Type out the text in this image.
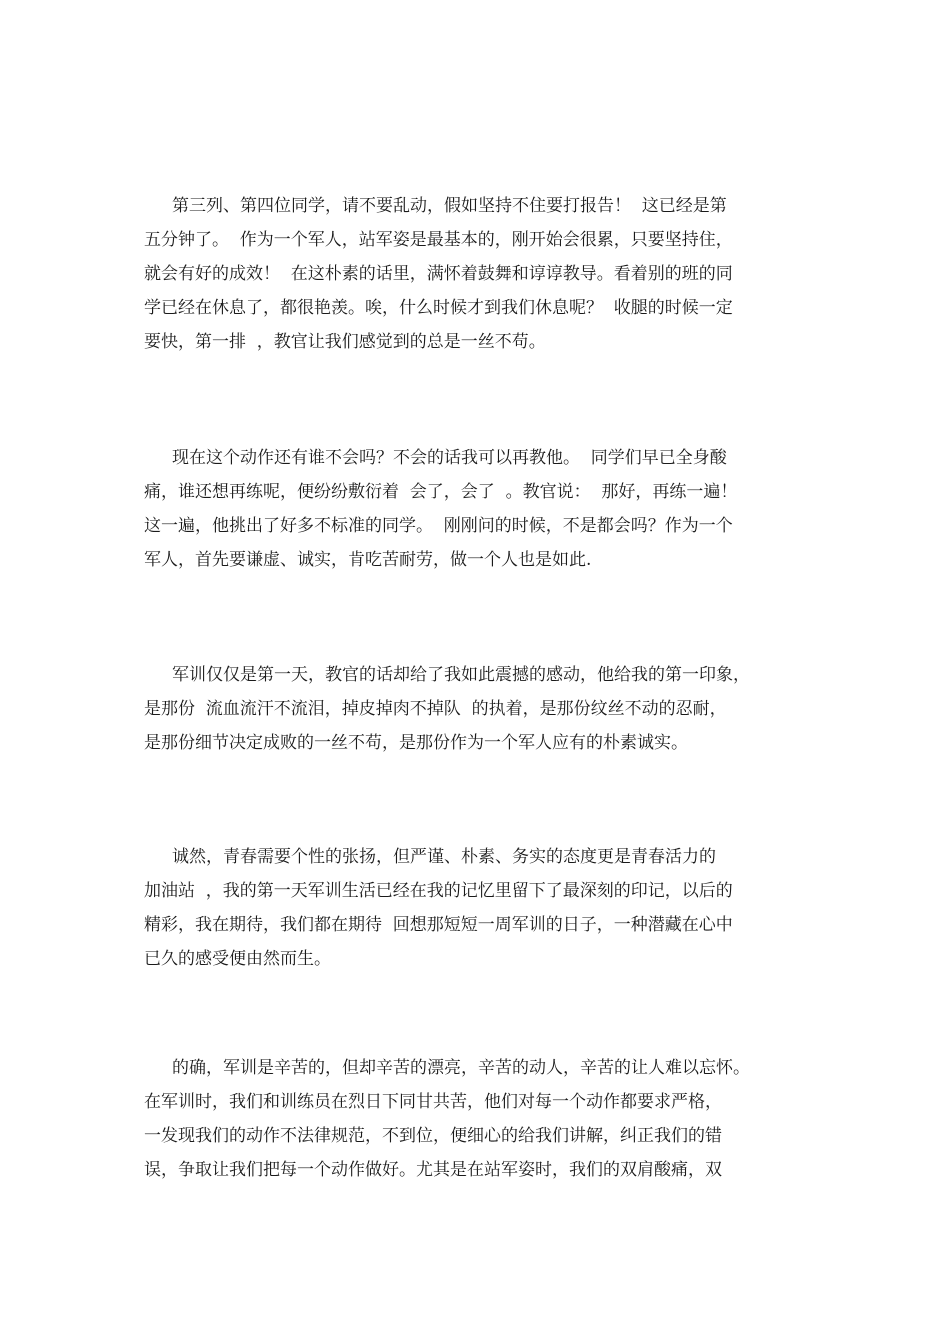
第三列、第四位同学，请不要乱动，假如坚持不住要打报告！  这已经是第
五分钟了。  作为一个军人，站军姿是最基本的，刚开始会很累，只要坚持住，
就会有好的成效！  在这朴素的话里，满怀着鼓舞和谆谆教导。看着别的班的同
学已经在休息了，都很艳羡。唉，什么时候才到我们休息呢？  收腿的时候一定
要快，第一排  ，教官让我们感觉到的总是一丝不苟。
现在这个动作还有谁不会吗？不会的话我可以再教他。  同学们早已全身酸
痛，谁还想再练呢，便纷纷敷衍着  会了，会了  。教官说：  那好，再练一遍！
这一遍，他挑出了好多不标准的同学。  刚刚问的时候，不是都会吗？作为一个
军人，首先要谦虚、诚实，肯吃苦耐劳，做一个人也是如此.
军训仅仅是第一天，教官的话却给了我如此震撼的感动，他给我的第一印象，
是那份  流血流汗不流泪，掉皮掉肉不掉队  的执着，是那份纹丝不动的忍耐，
是那份细节决定成败的一丝不苟，是那份作为一个军人应有的朴素诚实。
诚然，青春需要个性的张扬，但严谨、朴素、务实的态度更是青春活力的
加油站  ，我的第一天军训生活已经在我的记忆里留下了最深刻的印记，以后的
精彩，我在期待，我们都在期待  回想那短短一周军训的日子，一种潜藏在心中
已久的感受便由然而生。
的确，军训是辛苦的，但却辛苦的漂亮，辛苦的动人，辛苦的让人难以忘怀。
在军训时，我们和训练员在烈日下同甘共苦，他们对每一个动作都要求严格，
一发现我们的动作不法律规范，不到位，便细心的给我们讲解，纠正我们的错
误，争取让我们把每一个动作做好。尤其是在站军姿时，我们的双肩酸痛，双
